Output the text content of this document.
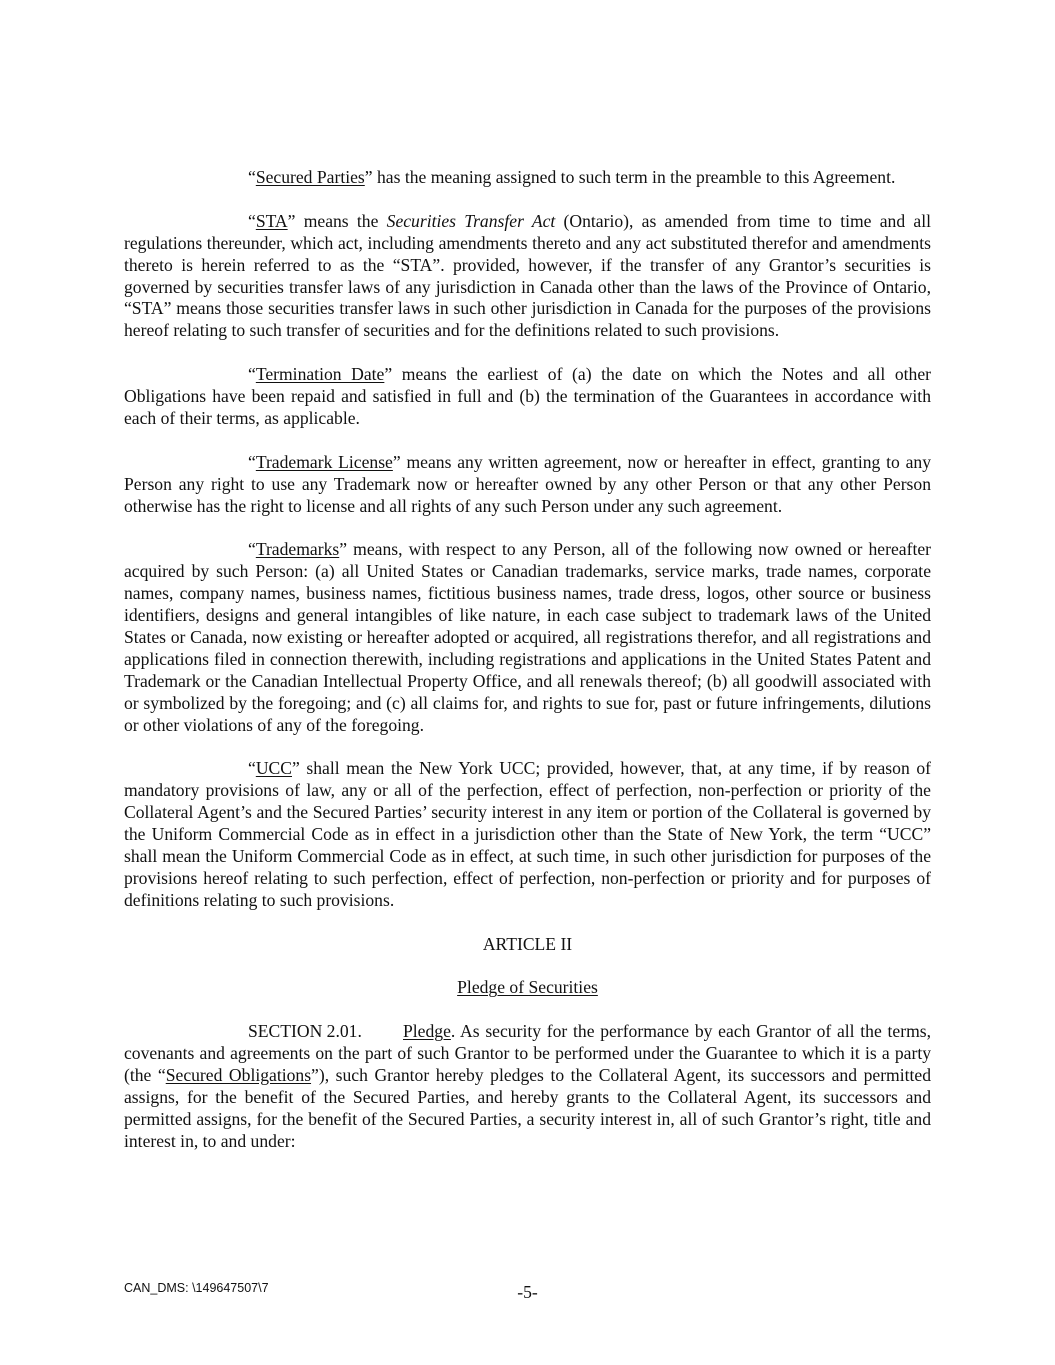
“Secured Parties” has the meaning assigned to such term in the preamble to this Agreement.

“STA” means the Securities Transfer Act (Ontario), as amended from time to time and all regulations thereunder, which act, including amendments thereto and any act substituted therefor and amendments thereto is herein referred to as the “STA”. provided, however, if the transfer of any Grantor’s securities is governed by securities transfer laws of any jurisdiction in Canada other than the laws of the Province of Ontario, “STA” means those securities transfer laws in such other jurisdiction in Canada for the purposes of the provisions hereof relating to such transfer of securities and for the definitions related to such provisions.

“Termination Date” means the earliest of (a) the date on which the Notes and all other Obligations have been repaid and satisfied in full and (b) the termination of the Guarantees in accordance with each of their terms, as applicable.

“Trademark License” means any written agreement, now or hereafter in effect, granting to any Person any right to use any Trademark now or hereafter owned by any other Person or that any other Person otherwise has the right to license and all rights of any such Person under any such agreement.

“Trademarks” means, with respect to any Person, all of the following now owned or hereafter acquired by such Person: (a) all United States or Canadian trademarks, service marks, trade names, corporate names, company names, business names, fictitious business names, trade dress, logos, other source or business identifiers, designs and general intangibles of like nature, in each case subject to trademark laws of the United States or Canada, now existing or hereafter adopted or acquired, all registrations therefor, and all registrations and applications filed in connection therewith, including registrations and applications in the United States Patent and Trademark or the Canadian Intellectual Property Office, and all renewals thereof; (b) all goodwill associated with or symbolized by the foregoing; and (c) all claims for, and rights to sue for, past or future infringements, dilutions or other violations of any of the foregoing.

“UCC” shall mean the New York UCC; provided, however, that, at any time, if by reason of mandatory provisions of law, any or all of the perfection, effect of perfection, non-perfection or priority of the Collateral Agent’s and the Secured Parties’ security interest in any item or portion of the Collateral is governed by the Uniform Commercial Code as in effect in a jurisdiction other than the State of New York, the term “UCC” shall mean the Uniform Commercial Code as in effect, at such time, in such other jurisdiction for purposes of the provisions hereof relating to such perfection, effect of perfection, non-perfection or priority and for purposes of definitions relating to such provisions.

ARTICLE II

Pledge of Securities

SECTION 2.01. Pledge. As security for the performance by each Grantor of all the terms, covenants and agreements on the part of such Grantor to be performed under the Guarantee to which it is a party (the “Secured Obligations”), such Grantor hereby pledges to the Collateral Agent, its successors and permitted assigns, for the benefit of the Secured Parties, and hereby grants to the Collateral Agent, its successors and permitted assigns, for the benefit of the Secured Parties, a security interest in, all of such Grantor’s right, title and interest in, to and under:

CAN_DMS: \149647507\7	-5-
